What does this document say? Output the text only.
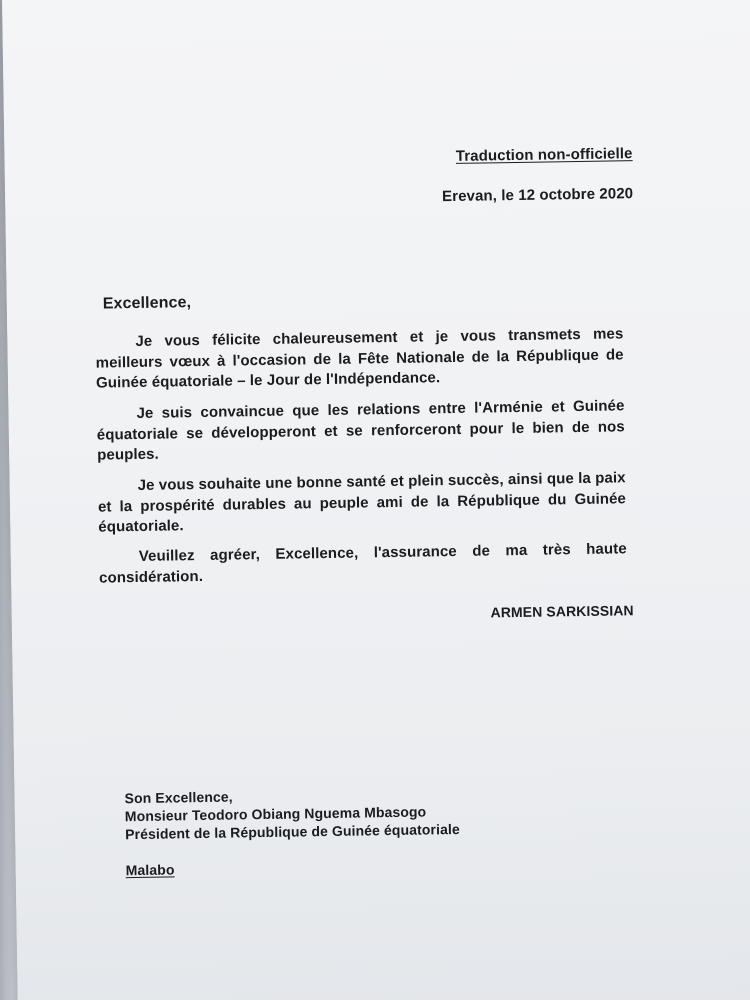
Traduction non-officielle
Erevan, le 12 octobre 2020
Excellence,
Je vous félicite chaleureusement et je vous transmets mes meilleurs vœux à l'occasion de la Fête Nationale de la République de Guinée équatoriale – le Jour de l'Indépendance.
Je suis convaincue que les relations entre l'Arménie et Guinée équatoriale se développeront et se renforceront pour le bien de nos peuples.
Je vous souhaite une bonne santé et plein succès, ainsi que la paix et la prospérité durables au peuple ami de la République du Guinée équatoriale.
Veuillez agréer, Excellence, l'assurance de ma très haute considération.
ARMEN SARKISSIAN
Son Excellence,
Monsieur Teodoro Obiang Nguema Mbasogo
Président de la République de Guinée équatoriale
Malabo
